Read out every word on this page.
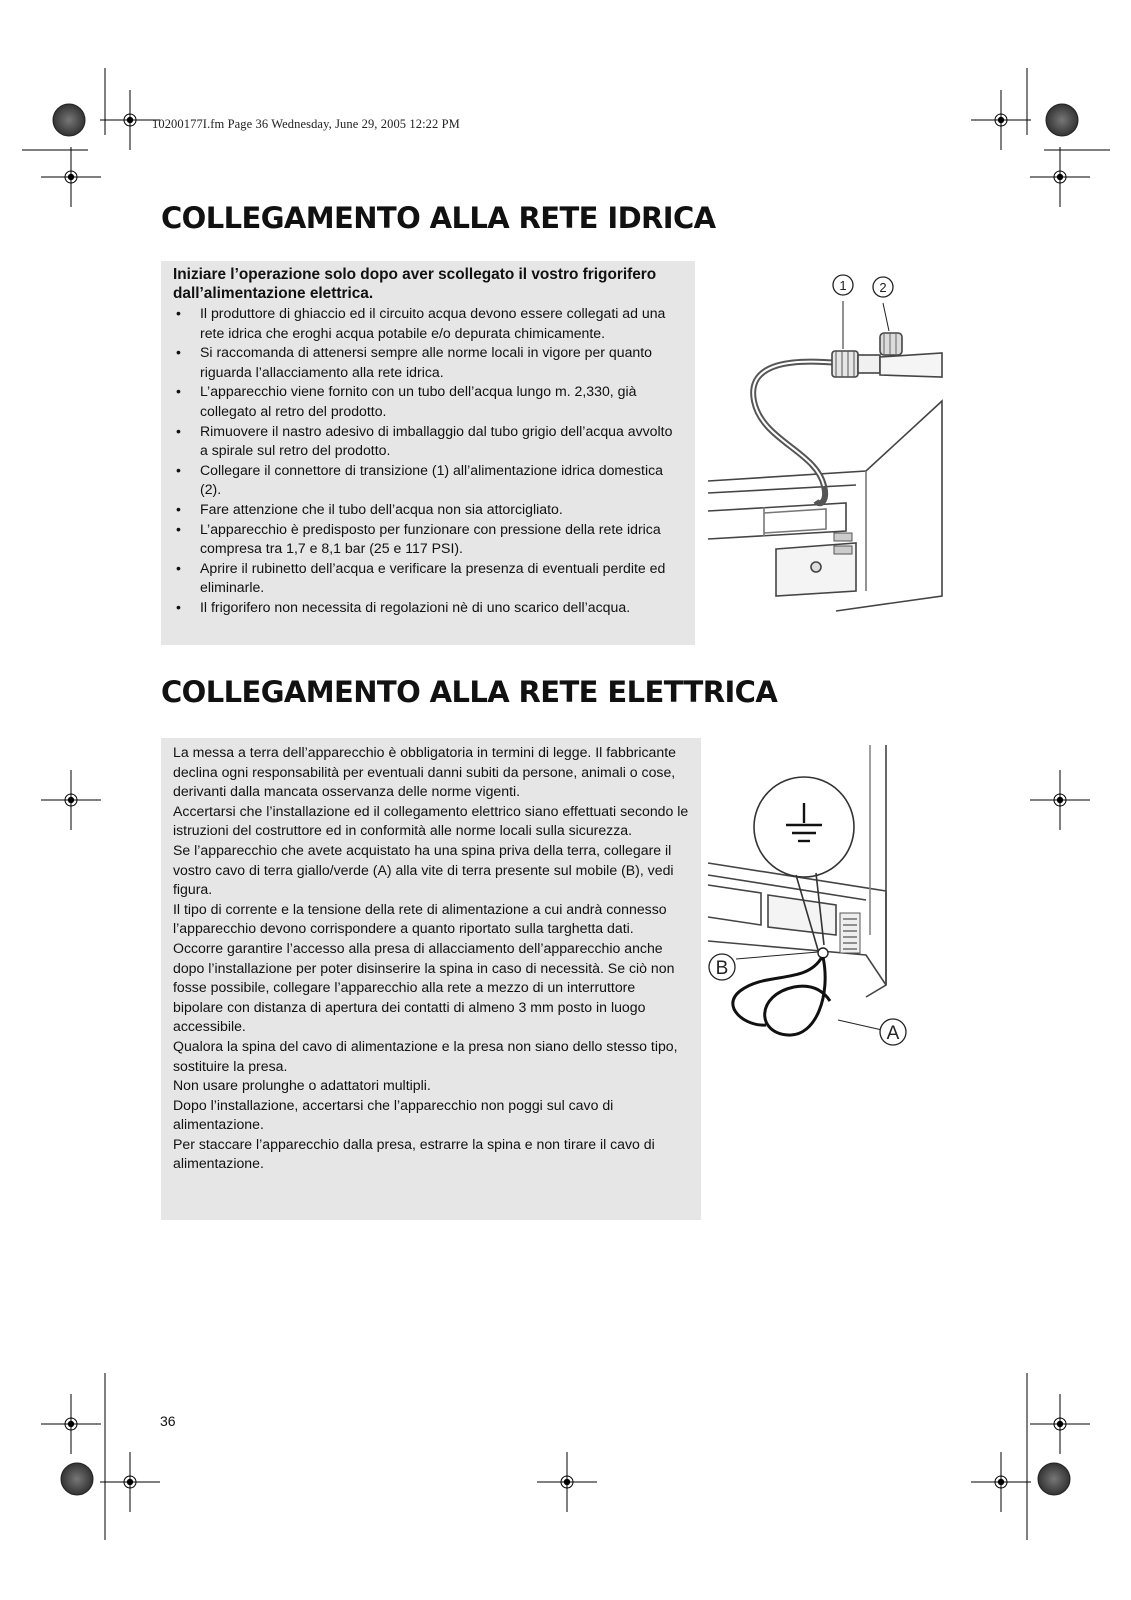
10200177I.fm Page 36 Wednesday, June 29, 2005 12:22 PM
COLLEGAMENTO ALLA RETE IDRICA
Iniziare l’operazione solo dopo aver scollegato il vostro frigorifero dall’alimentazione elettrica.
• Il produttore di ghiaccio ed il circuito acqua devono essere collegati ad una rete idrica che eroghi acqua potabile e/o depurata chimicamente.
• Si raccomanda di attenersi sempre alle norme locali in vigore per quanto riguarda l’allacciamento alla rete idrica.
• L’apparecchio viene fornito con un tubo dell’acqua lungo m. 2,330, già collegato al retro del prodotto.
• Rimuovere il nastro adesivo di imballaggio dal tubo grigio dell’acqua avvolto a spirale sul retro del prodotto.
• Collegare il connettore di transizione (1) all’alimentazione idrica domestica (2).
• Fare attenzione che il tubo dell’acqua non sia attorcigliato.
• L’apparecchio è predisposto per funzionare con pressione della rete idrica compresa tra 1,7 e 8,1 bar (25 e 117 PSI).
• Aprire il rubinetto dell’acqua e verificare la presenza di eventuali perdite ed eliminarle.
• Il frigorifero non necessita di regolazioni nè di uno scarico dell’acqua.
1	2
COLLEGAMENTO ALLA RETE ELETTRICA

La messa a terra dell’apparecchio è obbligatoria in termini di legge. Il fabbricante declina ogni responsabilità per eventuali danni subiti da persone, animali o cose, derivanti dalla mancata osservanza delle norme vigenti.

Accertarsi che l’installazione ed il collegamento elettrico siano effettuati secondo le istruzioni del costruttore ed in conformità alle norme locali sulla sicurezza.

Se l’apparecchio che avete acquistato ha una spina priva della terra, collegare il vostro cavo di terra giallo/verde (A) alla vite di terra presente sul mobile (B), vedi figura.

Il tipo di corrente e la tensione della rete di alimentazione a cui andrà connesso l’apparecchio devono corrispondere a quanto riportato sulla targhetta dati.

Occorre garantire l’accesso alla presa di allacciamento dell’apparecchio anche dopo l’installazione per poter disinserire la spina in caso di necessità. Se ciò non fosse possibile, collegare l’apparecchio alla rete a mezzo di un interruttore bipolare con distanza di apertura dei contatti di almeno 3 mm posto in luogo accessibile.

Qualora la spina del cavo di alimentazione e la presa non siano dello stesso tipo, sostituire la presa.

Non usare prolunghe o adattatori multipli.

Dopo l’installazione, accertarsi che l’apparecchio non poggi sul cavo di alimentazione.

Per staccare l’apparecchio dalla presa, estrarre la spina e non tirare il cavo di alimentazione.

B
A
36
